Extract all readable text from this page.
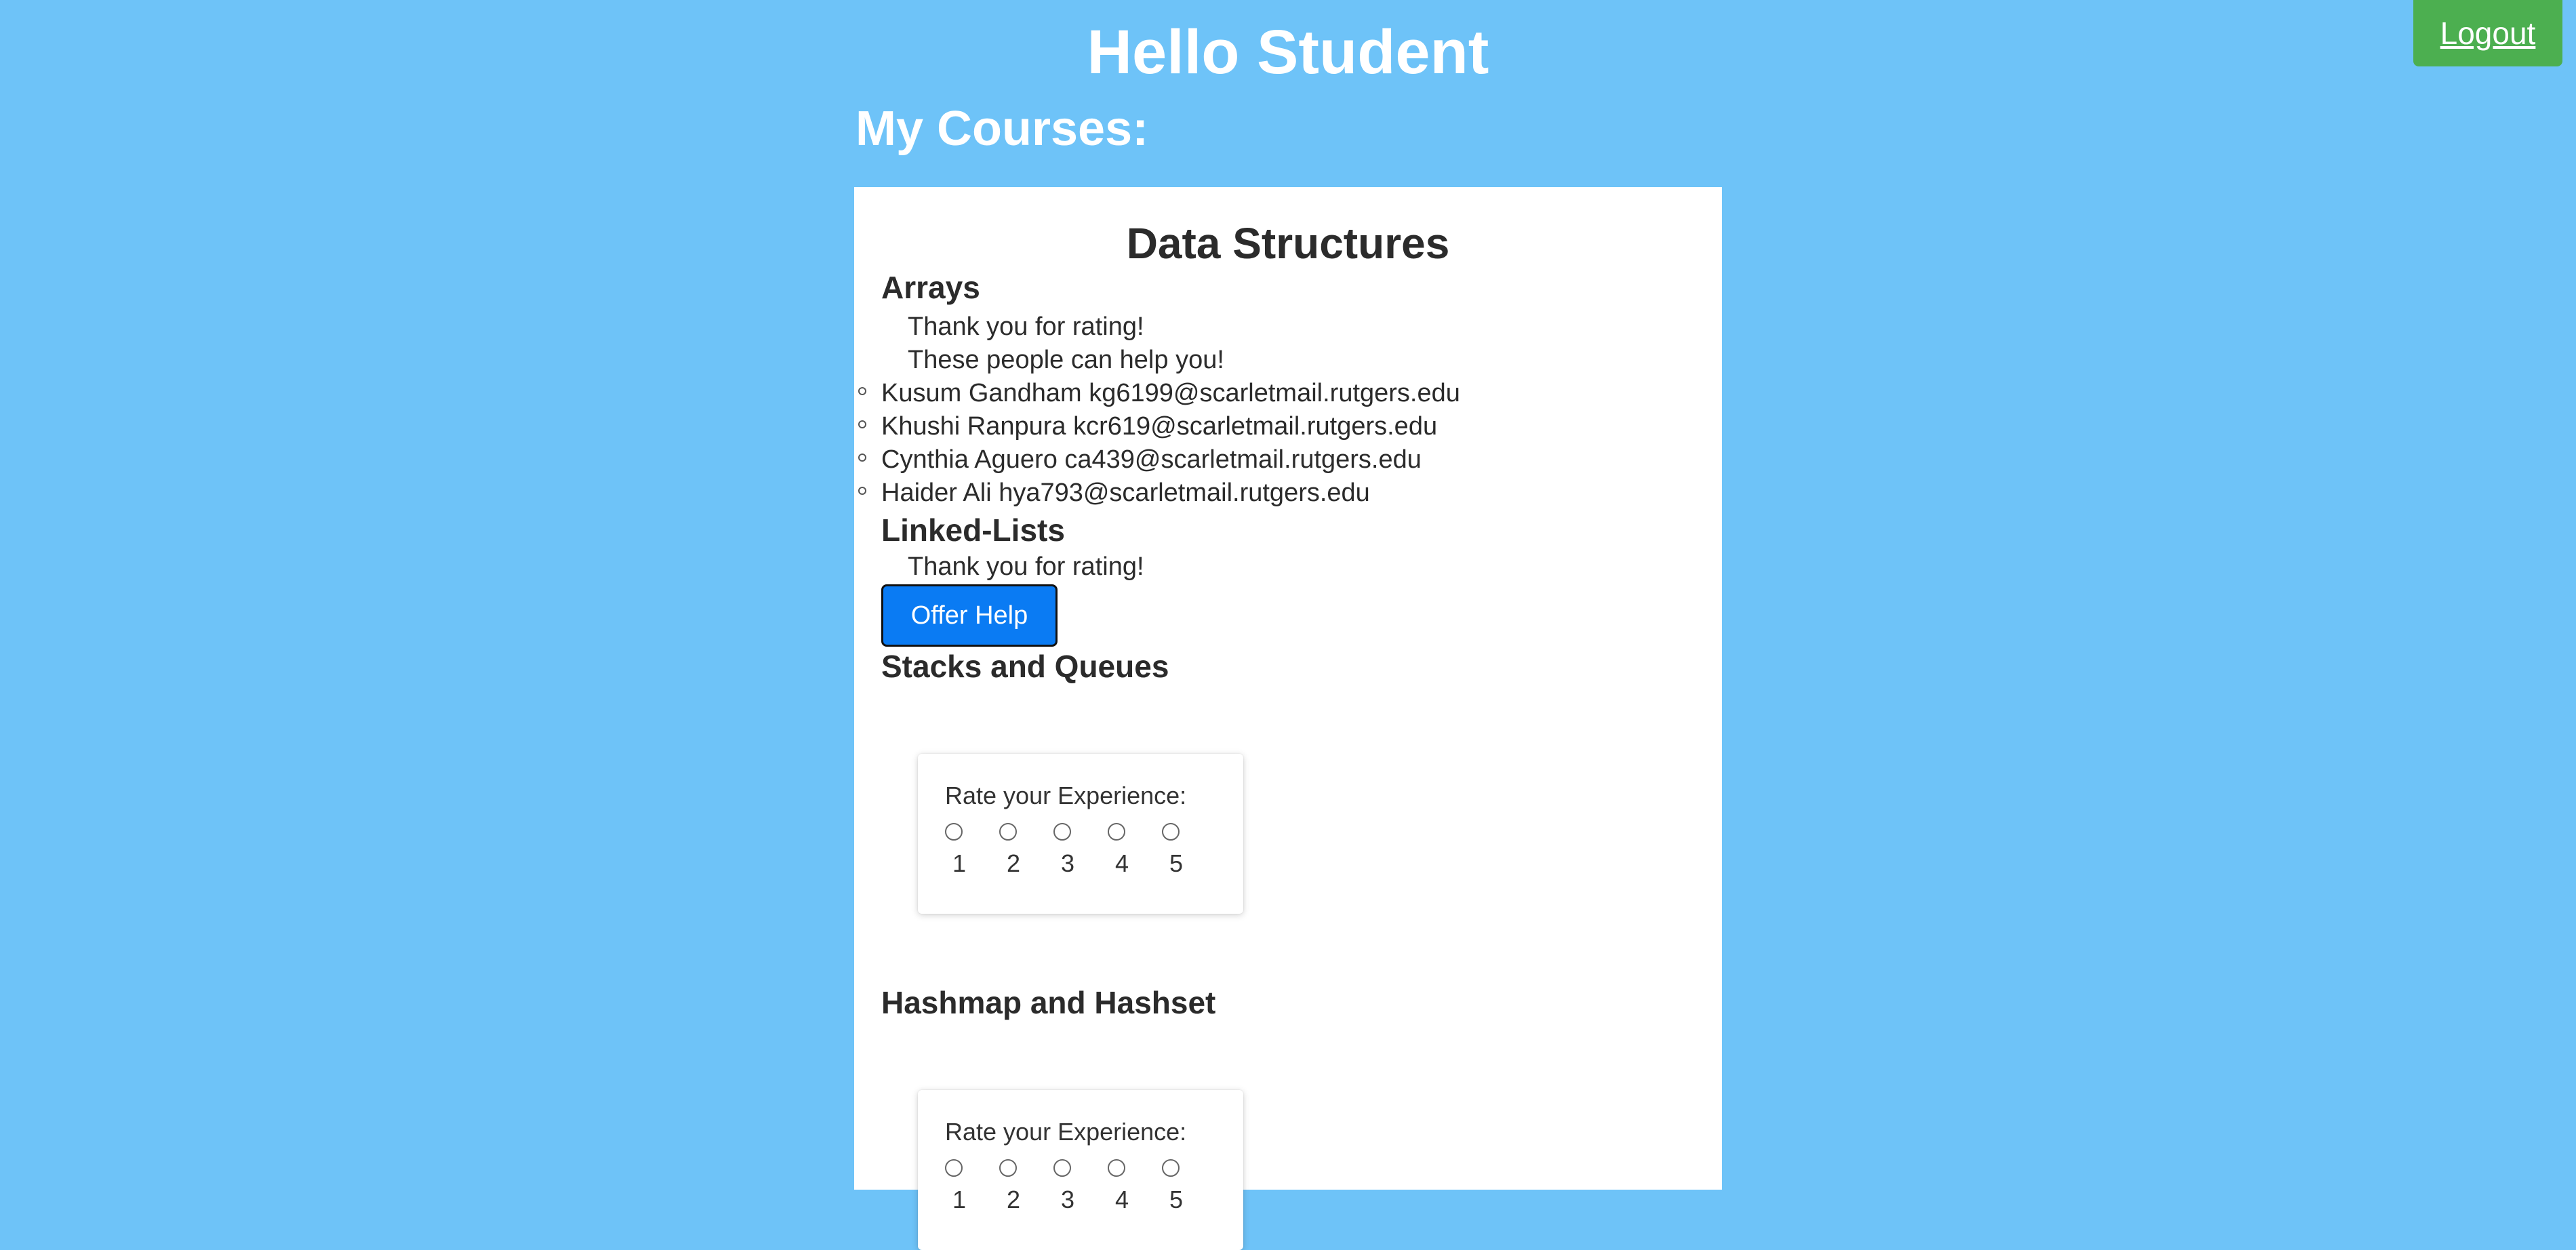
Logout
Hello Student
My Courses:
Data Structures
Arrays
Thank you for rating!
These people can help you!
Kusum Gandham kg6199@scarletmail.rutgers.edu
Khushi Ranpura kcr619@scarletmail.rutgers.edu
Cynthia Aguero ca439@scarletmail.rutgers.edu
Haider Ali hya793@scarletmail.rutgers.edu
Linked-Lists
Thank you for rating!
Offer Help
Stacks and Queues
Rate your Experience:
1 2 3 4 5
Hashmap and Hashset
Rate your Experience:
1 2 3 4 5
